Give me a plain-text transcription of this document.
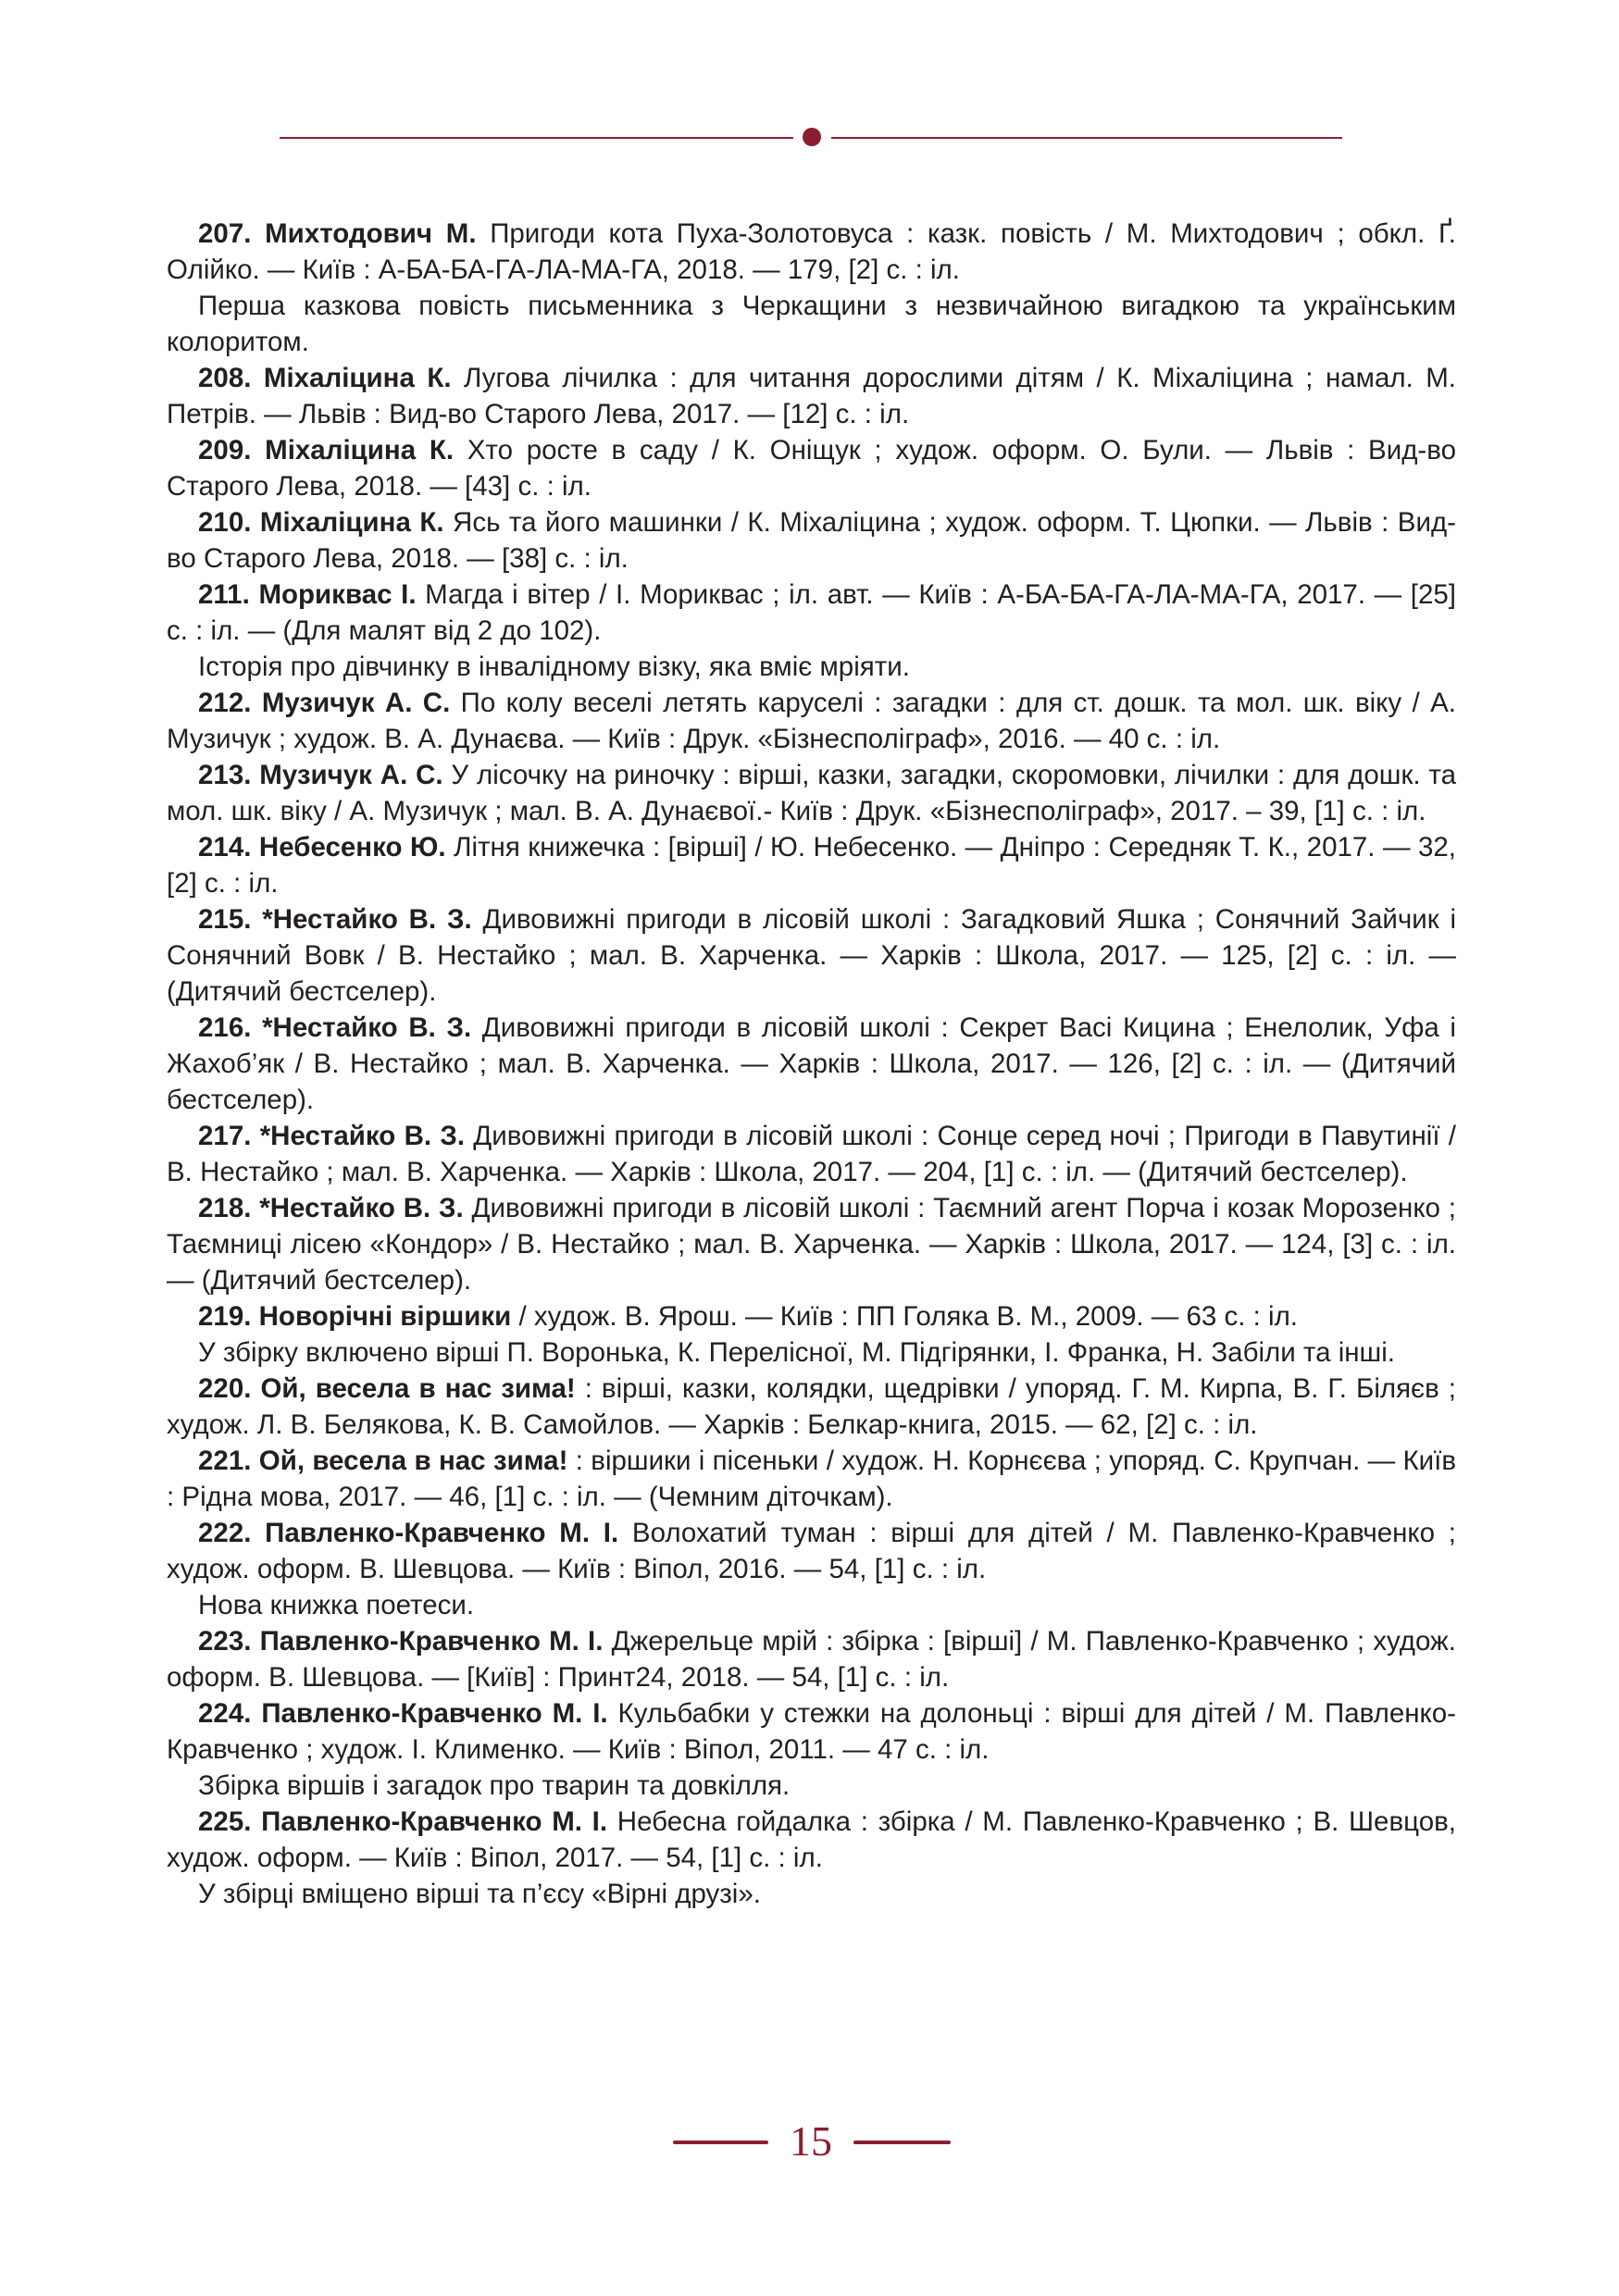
207. Михтодович М. Пригоди кота Пуха-Золотовуса : казк. повість / М. Михтодович ; обкл. Ґ. Олійко. — Київ : А-БА-БА-ГА-ЛА-МА-ГА, 2018. — 179, [2] с. : іл.

Перша казкова повість письменника з Черкащини з незвичайною вигадкою та українським колоритом.

208. Міхаліцина К. Лугова лічилка : для читання дорослими дітям / К. Міхаліцина ; намал. М. Петрів. — Львів : Вид-во Старого Лева, 2017. — [12] с. : іл.

209. Міхаліцина К. Хто росте в саду / К. Оніщук ; худож. оформ. О. Були. — Львів : Вид-во Старого Лева, 2018. — [43] с. : іл.

210. Міхаліцина К. Ясь та його машинки / К. Міхаліцина ; худож. оформ. Т. Цюпки. — Львів : Вид-во Старого Лева, 2018. — [38] с. : іл.

211. Мориквас І. Магда і вітер / І. Мориквас ; іл. авт. — Київ : А-БА-БА-ГА-ЛА-МА-ГА, 2017. — [25] с. : іл. — (Для малят від 2 до 102).

Історія про дівчинку в інвалідному візку, яка вміє мріяти.

212. Музичук А. С. По колу веселі летять каруселі : загадки : для ст. дошк. та мол. шк. віку / А. Музичук ; худож. В. А. Дунаєва. — Київ : Друк. «Бізнесполіграф», 2016. — 40 с. : іл.

213. Музичук А. С. У лісочку на риночку : вірші, казки, загадки, скоромовки, лічилки : для дошк. та мол. шк. віку / А. Музичук ; мал. В. А. Дунаєвої.- Київ : Друк. «Бізнесполіграф», 2017. – 39, [1] с. : іл.

214. Небесенко Ю. Літня книжечка : [вірші] / Ю. Небесенко. — Дніпро : Середняк Т. К., 2017. — 32, [2] с. : іл.

215. *Нестайко В. З. Дивовижні пригоди в лісовій школі : Загадковий Яшка ; Сонячний Зайчик і Сонячний Вовк / В. Нестайко ; мал. В. Харченка. — Харків : Школа, 2017. — 125, [2] с. : іл. — (Дитячий бестселер).

216. *Нестайко В. З. Дивовижні пригоди в лісовій школі : Секрет Васі Кицина ; Енелолик, Уфа і Жахоб’як / В. Нестайко ; мал. В. Харченка. — Харків : Школа, 2017. — 126, [2] с. : іл. — (Дитячий бестселер).

217. *Нестайко В. З. Дивовижні пригоди в лісовій школі : Сонце серед ночі ; Пригоди в Павутинії / В. Нестайко ; мал. В. Харченка. — Харків : Школа, 2017. — 204, [1] с. : іл. — (Дитячий бестселер).

218. *Нестайко В. З. Дивовижні пригоди в лісовій школі : Таємний агент Порча і козак Морозенко ; Таємниці лісею «Кондор» / В. Нестайко ; мал. В. Харченка. — Харків : Школа, 2017. — 124, [3] с. : іл. — (Дитячий бестселер).

219. Новорічні віршики / худож. В. Ярош. — Київ : ПП Голяка В. М., 2009. — 63 с. : іл.

У збірку включено вірші П. Воронька, К. Перелісної, М. Підгірянки, І. Франка, Н. Забіли та інші.

220. Ой, весела в нас зима! : вірші, казки, колядки, щедрівки / упоряд. Г. М. Кирпа, В. Г. Біляєв ; худож. Л. В. Белякова, К. В. Самойлов. — Харків : Белкар-книга, 2015. — 62, [2] с. : іл.

221. Ой, весела в нас зима! : віршики і пісеньки / худож. Н. Корнєєва ; упоряд. С. Крупчан. — Київ : Рідна мова, 2017. — 46, [1] с. : іл. — (Чемним діточкам).

222. Павленко-Кравченко М. І. Волохатий туман : вірші для дітей / М. Павленко-Кравченко ; худож. оформ. В. Шевцова. — Київ : Віпол, 2016. — 54, [1] с. : іл.

Нова книжка поетеси.

223. Павленко-Кравченко М. І. Джерельце мрій : збірка : [вірші] / М. Павленко-Кравченко ; худож. оформ. В. Шевцова. — [Київ] : Принт24, 2018. — 54, [1] с. : іл.

224. Павленко-Кравченко М. І. Кульбабки у стежки на долоньці : вірші для дітей / М. Павленко-Кравченко ; худож. І. Клименко. — Київ : Віпол, 2011. — 47 с. : іл.

Збірка віршів і загадок про тварин та довкілля.

225. Павленко-Кравченко М. І. Небесна гойдалка : збірка / М. Павленко-Кравченко ; В. Шевцов, худож. оформ. — Київ : Віпол, 2017. — 54, [1] с. : іл.

У збірці вміщено вірші та п’єсу «Вірні друзі».

15
